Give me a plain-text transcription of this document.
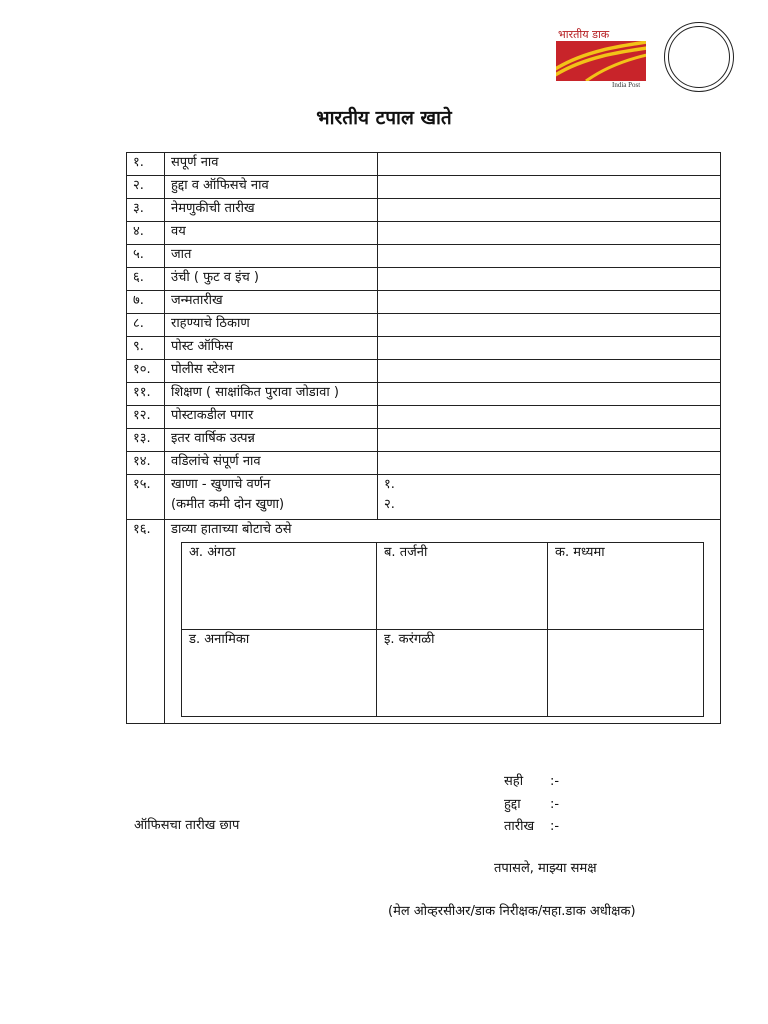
भारतीय डाक
India Post
भारतीय टपाल खाते
१.	सपूर्ण नाव	
२.	हुद्दा व ऑफिसचे नाव	
३.	नेमणुकीची तारीख	
४.	वय	
५.	जात	
६.	उंची ( फुट व इंच )	
७.	जन्मतारीख	
८.	राहण्याचे ठिकाण	
९.	पोस्ट ऑफिस	
१०.	पोलीस स्टेशन	
११.	शिक्षण ( साक्षांकित पुरावा जोडावा )	
१२.	पोस्टाकडील पगार	
१३.	इतर वार्षिक उत्पन्न	
१४.	वडिलांचे संपूर्ण नाव	
१५.	खाणा - खुणाचे वर्णन
(कमीत कमी दोन खुणा)

१.
२.

१६.	डाव्या हाताच्या बोटाचे ठसे
अ. अंगठा	ब. तर्जनी	क. मध्यमा
ड. अनामिका	इ. करंगळी	
सही :-
हुद्दा :-
तारीख :-
ऑफिसचा तारीख छाप
तपासले, माझ्या समक्ष
(मेल ओव्हरसीअर/डाक निरीक्षक/सहा.डाक अधीक्षक)
